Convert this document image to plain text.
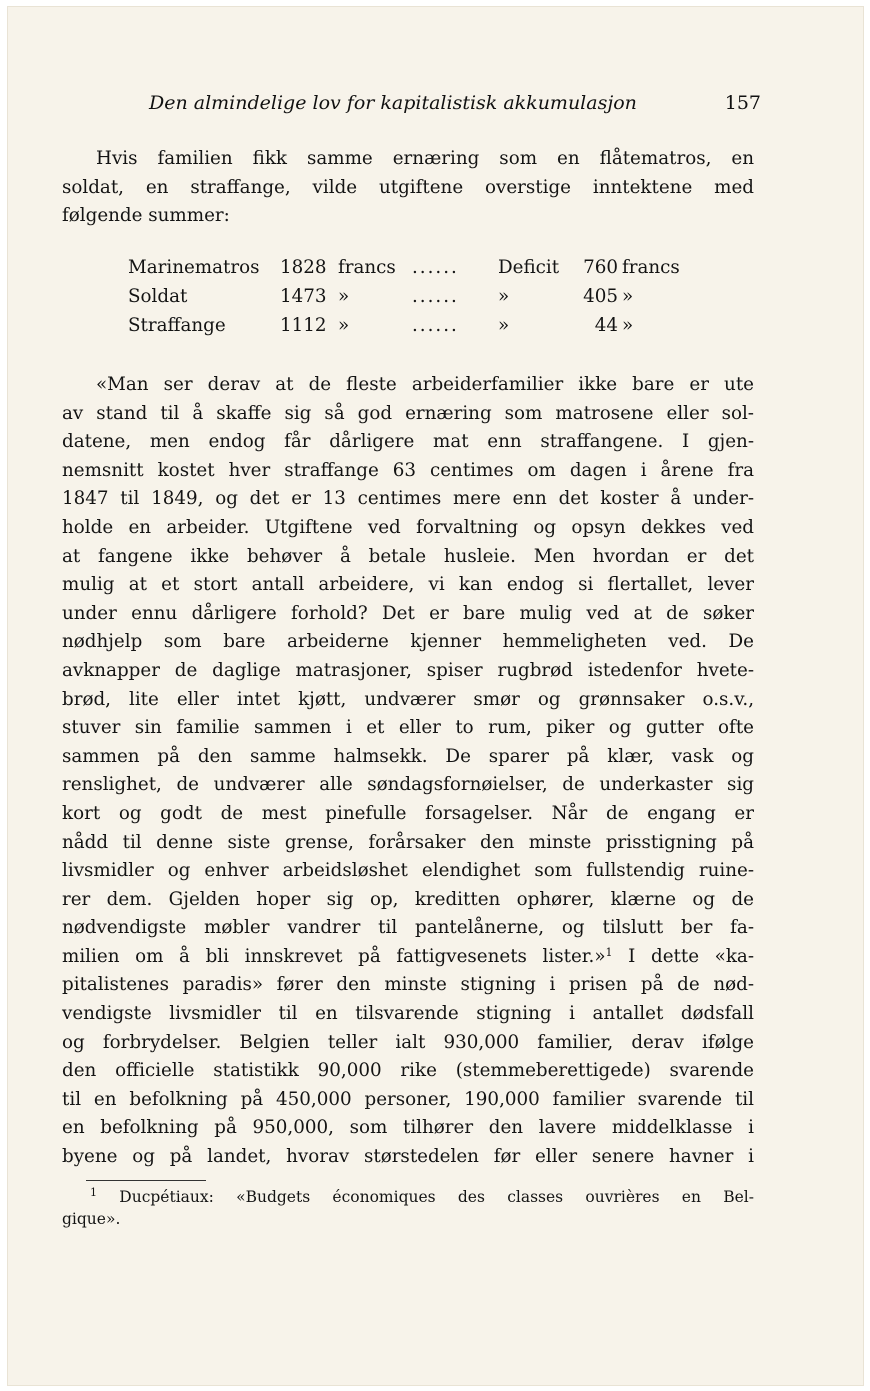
Den almindelige lov for kapitalistisk akkumulasjon	157
Hvis familien fikk samme ernæring som en flåtematros, en
soldat, en straffange, vilde utgiftene overstige inntektene med
følgende summer:
Marinematros 1828 francs ...... Deficit 760 francs
Soldat	1473 »	...... »	405 »
Straffange	1112 »	...... »	44 »
«Man ser derav at de fleste arbeiderfamilier ikke bare er ute
av stand til å skaffe sig så god ernæring som matrosene eller sol-
datene, men endog får dårligere mat enn straffangene. I gjen-
nemsnitt kostet hver straffange 63 centimes om dagen i årene fra
1847 til 1849, og det er 13 centimes mere enn det koster å under-
holde en arbeider. Utgiftene ved forvaltning og opsyn dekkes ved
at fangene ikke behøver å betale husleie. Men hvordan er det
mulig at et stort antall arbeidere, vi kan endog si flertallet, lever
under ennu dårligere forhold? Det er bare mulig ved at de søker
nødhjelp som bare arbeiderne kjenner hemmeligheten ved. De
avknapper de daglige matrasjoner, spiser rugbrød istedenfor hvete-
brød, lite eller intet kjøtt, undværer smør og grønnsaker o.s.v.,
stuver sin familie sammen i et eller to rum, piker og gutter ofte
sammen på den samme halmsekk. De sparer på klær, vask og
renslighet, de undværer alle søndagsfornøielser, de underkaster sig
kort og godt de mest pinefulle forsagelser. Når de engang er
nådd til denne siste grense, forårsaker den minste prisstigning på
livsmidler og enhver arbeidsløshet elendighet som fullstendig ruine-
rer dem. Gjelden hoper sig op, kreditten ophører, klærne og de
nødvendigste møbler vandrer til pantelånerne, og tilslutt ber fa-
milien om å bli innskrevet på fattigvesenets lister.»$^1$ I dette «ka-
pitalistenes paradis» fører den minste stigning i prisen på de nød-
vendigste livsmidler til en tilsvarende stigning i antallet dødsfall
og forbrydelser. Belgien teller ialt 930,000 familier, derav ifølge
den officielle statistikk 90,000 rike (stemmeberettigede) svarende
til en befolkning på 450,000 personer, 190,000 familier svarende til
en befolkning på 950,000, som tilhører den lavere middelklasse i
byene og på landet, hvorav størstedelen før eller senere havner i
$^1$ Ducpétiaux: «Budgets économiques des classes ouvrières en Bel-
gique».
